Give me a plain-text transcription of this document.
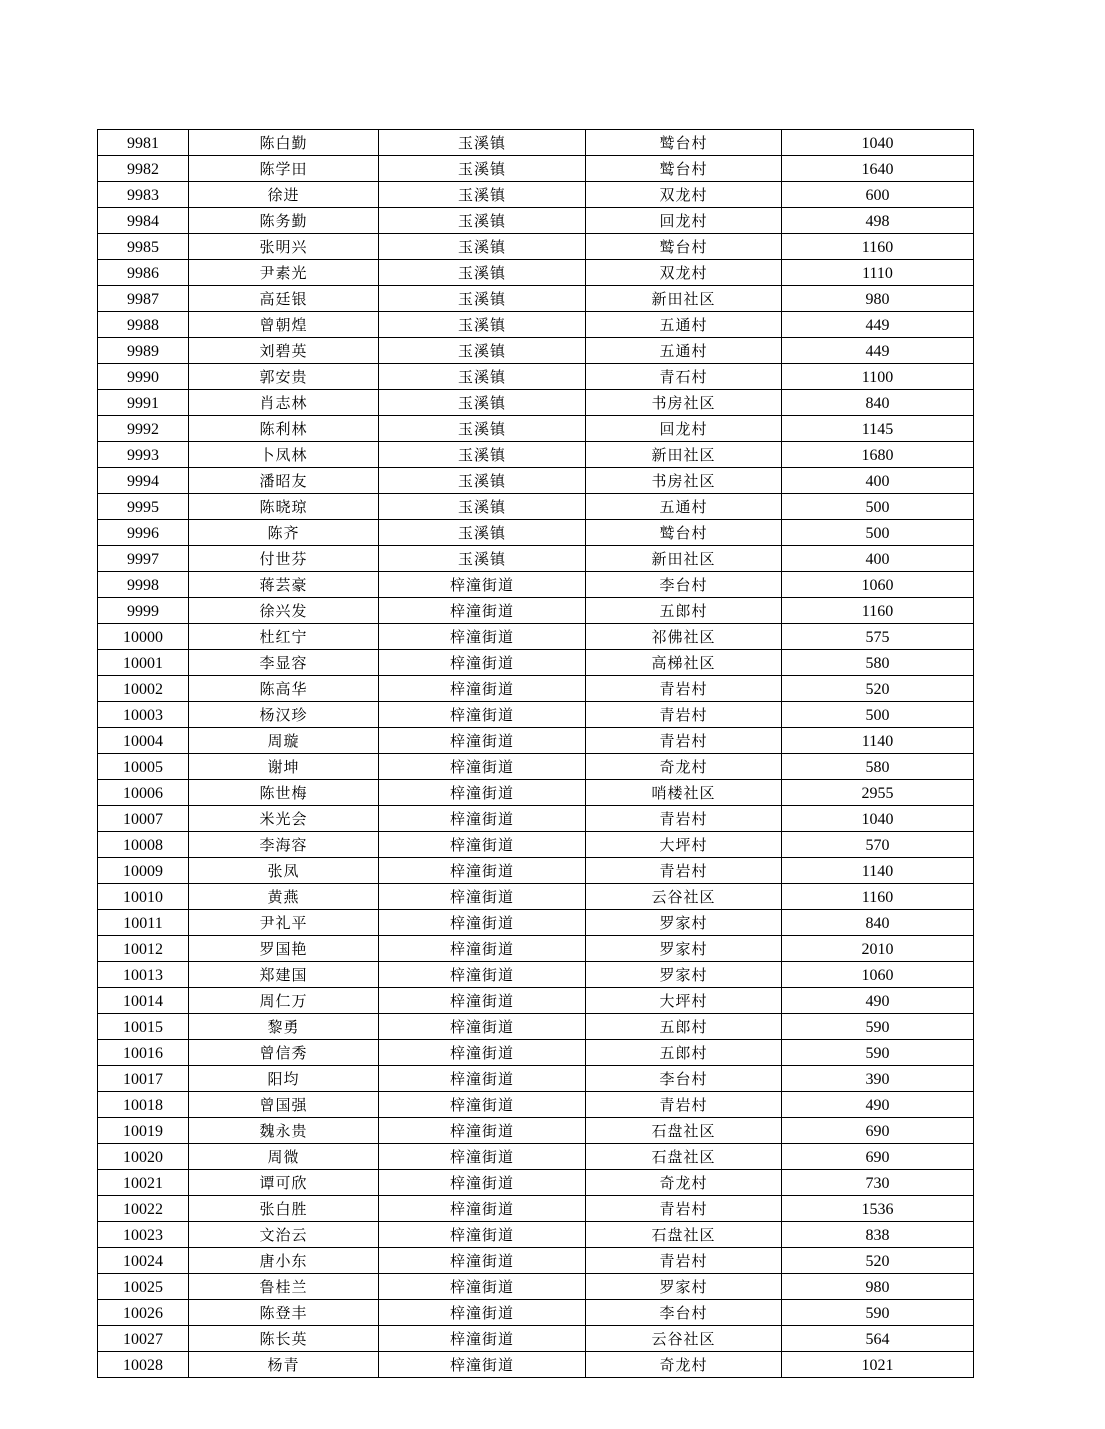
9981	陈白勤	玉溪镇	鹫台村	1040
9982	陈学田	玉溪镇	鹫台村	1640
9983	徐进	玉溪镇	双龙村	600
9984	陈务勤	玉溪镇	回龙村	498
9985	张明兴	玉溪镇	鹫台村	1160
9986	尹素光	玉溪镇	双龙村	1110
9987	高廷银	玉溪镇	新田社区	980
9988	曾朝煌	玉溪镇	五通村	449
9989	刘碧英	玉溪镇	五通村	449
9990	郭安贵	玉溪镇	青石村	1100
9991	肖志林	玉溪镇	书房社区	840
9992	陈利林	玉溪镇	回龙村	1145
9993	卜凤林	玉溪镇	新田社区	1680
9994	潘昭友	玉溪镇	书房社区	400
9995	陈晓琼	玉溪镇	五通村	500
9996	陈齐	玉溪镇	鹫台村	500
9997	付世芬	玉溪镇	新田社区	400
9998	蒋芸豪	梓潼街道	李台村	1060
9999	徐兴发	梓潼街道	五郎村	1160
10000	杜红宁	梓潼街道	祁佛社区	575
10001	李显容	梓潼街道	高梯社区	580
10002	陈高华	梓潼街道	青岩村	520
10003	杨汉珍	梓潼街道	青岩村	500
10004	周璇	梓潼街道	青岩村	1140
10005	谢坤	梓潼街道	奇龙村	580
10006	陈世梅	梓潼街道	哨楼社区	2955
10007	米光会	梓潼街道	青岩村	1040
10008	李海容	梓潼街道	大坪村	570
10009	张凤	梓潼街道	青岩村	1140
10010	黄燕	梓潼街道	云谷社区	1160
10011	尹礼平	梓潼街道	罗家村	840
10012	罗国艳	梓潼街道	罗家村	2010
10013	郑建国	梓潼街道	罗家村	1060
10014	周仁万	梓潼街道	大坪村	490
10015	黎勇	梓潼街道	五郎村	590
10016	曾信秀	梓潼街道	五郎村	590
10017	阳均	梓潼街道	李台村	390
10018	曾国强	梓潼街道	青岩村	490
10019	魏永贵	梓潼街道	石盘社区	690
10020	周微	梓潼街道	石盘社区	690
10021	谭可欣	梓潼街道	奇龙村	730
10022	张白胜	梓潼街道	青岩村	1536
10023	文治云	梓潼街道	石盘社区	838
10024	唐小东	梓潼街道	青岩村	520
10025	鲁桂兰	梓潼街道	罗家村	980
10026	陈登丰	梓潼街道	李台村	590
10027	陈长英	梓潼街道	云谷社区	564
10028	杨青	梓潼街道	奇龙村	1021
